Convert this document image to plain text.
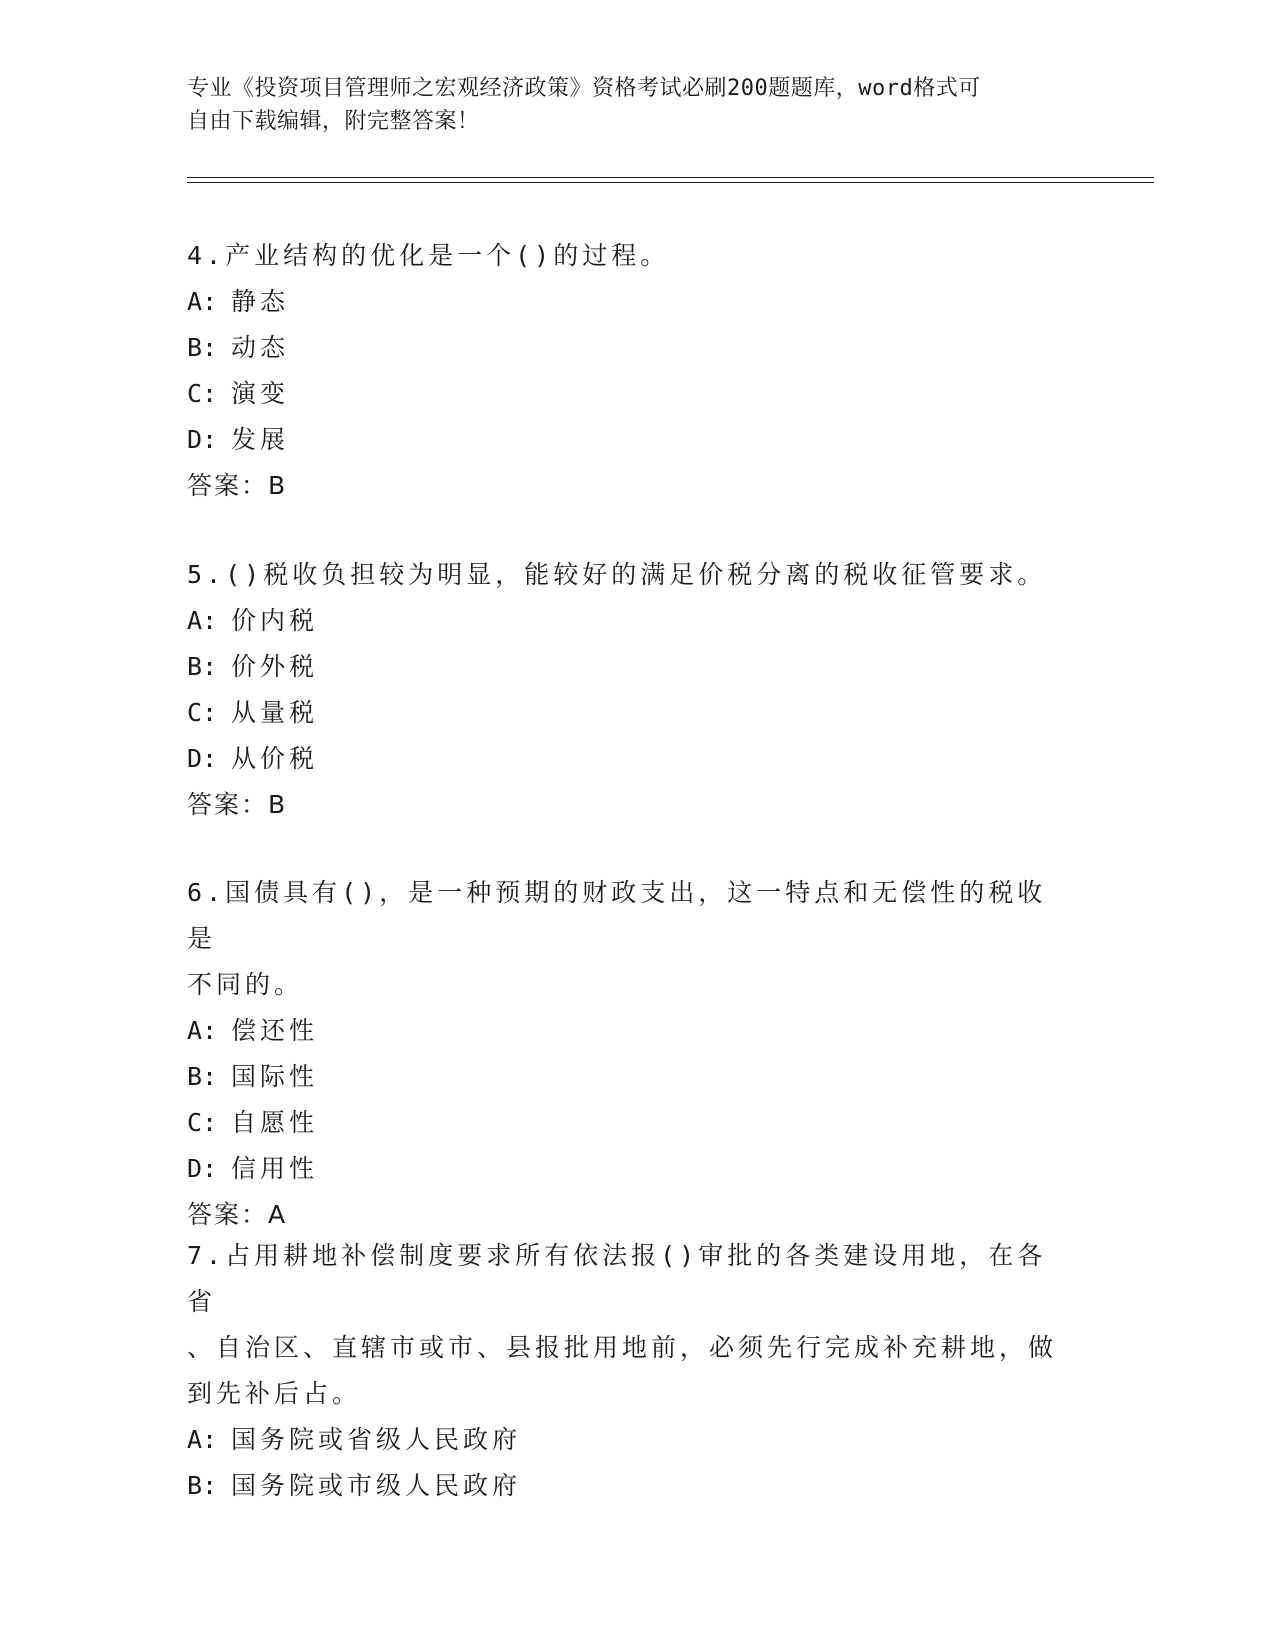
专业《投资项目管理师之宏观经济政策》资格考试必刷200题题库，word格式可
自由下载编辑，附完整答案！

4.产业结构的优化是一个()的过程。

A: 静态

B: 动态

C: 演变

D: 发展

答案：B

5.()税收负担较为明显，能较好的满足价税分离的税收征管要求。

A: 价内税

B: 价外税

C: 从量税

D: 从价税

答案：B

6.国债具有()，是一种预期的财政支出，这一特点和无偿性的税收是

不同的。

A: 偿还性

B: 国际性

C: 自愿性

D: 信用性

答案：A

7.占用耕地补偿制度要求所有依法报()审批的各类建设用地，在各省

、自治区、直辖市或市、县报批用地前，必须先行完成补充耕地，做

到先补后占。

A: 国务院或省级人民政府

B: 国务院或市级人民政府
